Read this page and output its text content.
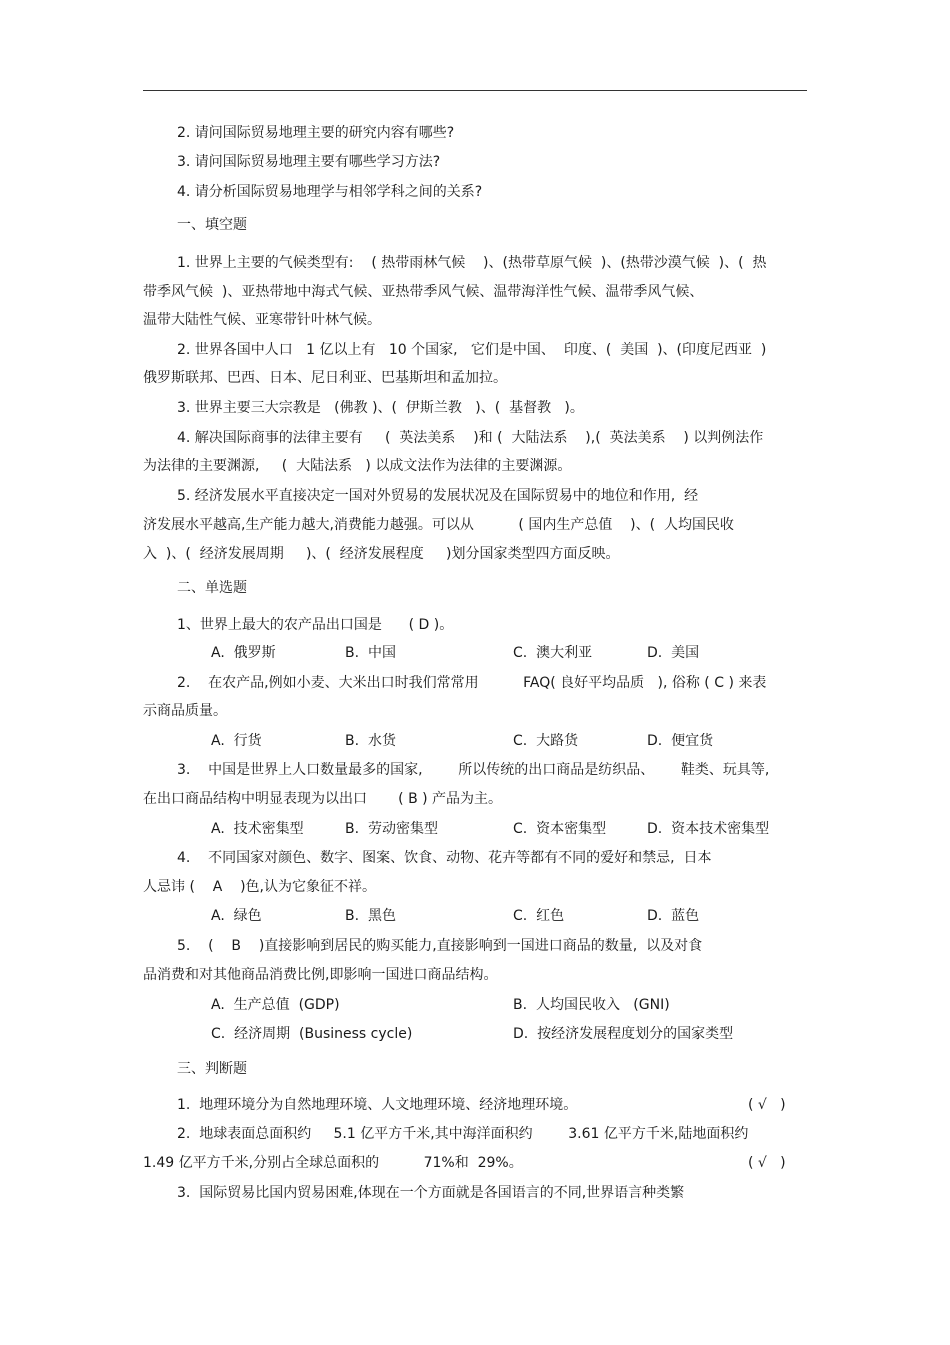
2. 请问国际贸易地理主要的研究内容有哪些?
3. 请问国际贸易地理主要有哪些学习方法?
4. 请分析国际贸易地理学与相邻学科之间的关系?
一、填空题
1. 世界上主要的气候类型有:    ( 热带雨林气候    )、(热带草原气候  )、(热带沙漠气候  )、(  热
带季风气候  )、亚热带地中海式气候、亚热带季风气候、温带海洋性气候、温带季风气候、
温带大陆性气候、亚寒带针叶林气候。
2. 世界各国中人口   1 亿以上有   10 个国家,   它们是中国、  印度、(  美国  )、(印度尼西亚  )
俄罗斯联邦、巴西、日本、尼日利亚、巴基斯坦和孟加拉。
3. 世界主要三大宗教是   (佛教 )、(  伊斯兰教   )、(  基督教   )。
4. 解决国际商事的法律主要有     (  英法美系    )和 (  大陆法系    ),(  英法美系    ) 以判例法作
为法律的主要渊源,     (  大陆法系   ) 以成文法作为法律的主要渊源。
5. 经济发展水平直接决定一国对外贸易的发展状况及在国际贸易中的地位和作用,  经
济发展水平越高,生产能力越大,消费能力越强。可以从          ( 国内生产总值    )、(  人均国民收
入  )、(  经济发展周期     )、(  经济发展程度     )划分国家类型四方面反映。
二、单选题
1、世界上最大的农产品出口国是      ( D )。
A.  俄罗斯	B.  中国	C.  澳大利亚	D.  美国
2.    在农产品,例如小麦、大米出口时我们常常用          FAQ( 良好平均品质   ), 俗称 ( C ) 来表
示商品质量。
A.  行货	B.  水货	C.  大路货	D.  便宜货
3.    中国是世界上人口数量最多的国家,        所以传统的出口商品是纺织品、      鞋类、玩具等,
在出口商品结构中明显表现为以出口       ( B ) 产品为主。
A.  技术密集型	B.  劳动密集型	C.  资本密集型	D.  资本技术密集型
4.    不同国家对颜色、数字、图案、饮食、动物、花卉等都有不同的爱好和禁忌,  日本
人忌讳 (    A    )色,认为它象征不祥。
A.  绿色	B.  黑色	C.  红色	D.  蓝色
5.    (    B    )直接影响到居民的购买能力,直接影响到一国进口商品的数量,  以及对食
品消费和对其他商品消费比例,即影响一国进口商品结构。
A.  生产总值  (GDP)	B.  人均国民收入   (GNI)
C.  经济周期  (Business cycle)	D.  按经济发展程度划分的国家类型
三、判断题
1.  地理环境分为自然地理环境、人文地理环境、经济地理环境。	( √   )
2.  地球表面总面积约     5.1 亿平方千米,其中海洋面积约        3.61 亿平方千米,陆地面积约
1.49 亿平方千米,分别占全球总面积的          71%和  29%。	( √   )
3.  国际贸易比国内贸易困难,体现在一个方面就是各国语言的不同,世界语言种类繁
